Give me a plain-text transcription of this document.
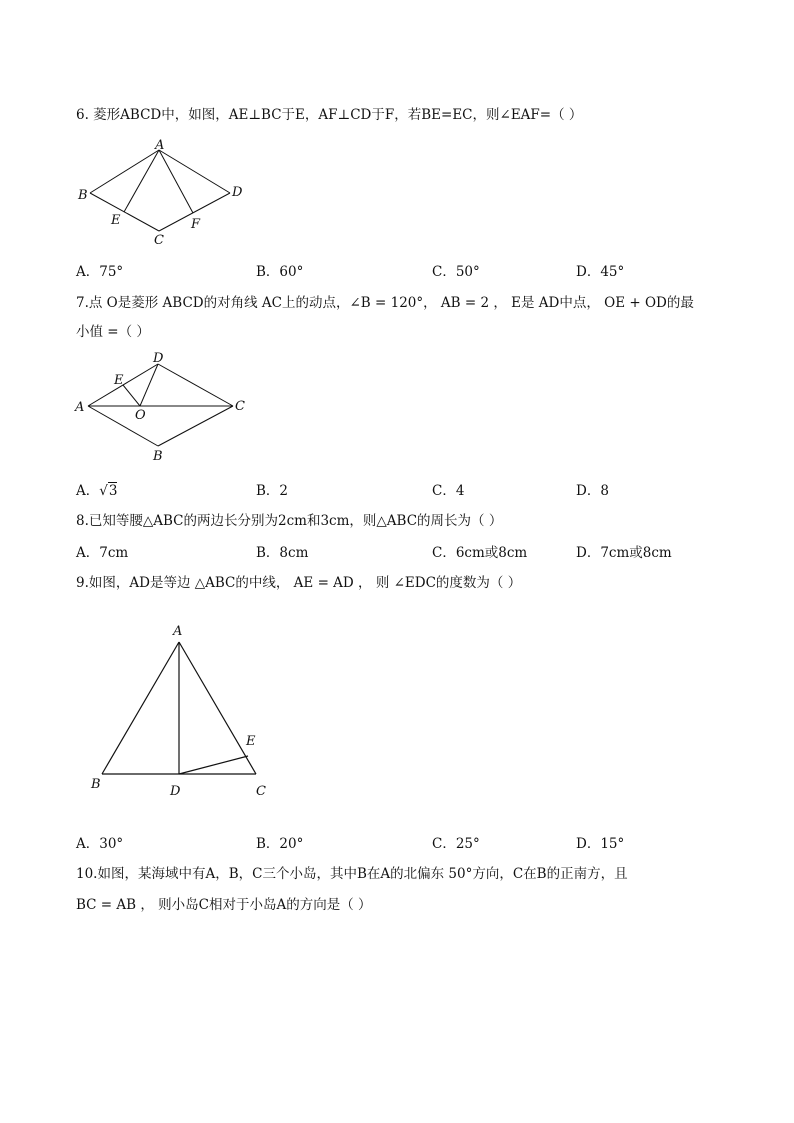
6. 菱形ABCD中，如图，AE⊥BC于E，AF⊥CD于F，若BE=EC，则∠EAF=（ ）
A
B	D
E	F
C
A．75°	B．60°	C．50°	D．45°
7.点 O是菱形 ABCD的对角线 AC上的动点，∠B = 120°， AB = 2 ， E是 AD中点， OE + OD的最
小值 =（ ）
D
E
A
O
C
B
A．√3	B．2	C．4	D．8
8.已知等腰△ABC的两边长分别为2cm和3cm，则△ABC的周长为（ ）
A．7cm	B．8cm	C．6cm或8cm	D．7cm或8cm
9.如图，AD是等边 △ABC的中线， AE = AD ， 则 ∠EDC的度数为（ ）
A
E
B	D	C
A．30°	B．20°	C．25°	D．15°
10.如图，某海域中有A，B，C三个小岛，其中B在A的北偏东 50°方向，C在B的正南方，且
BC = AB ， 则小岛C相对于小岛A的方向是（ ）
